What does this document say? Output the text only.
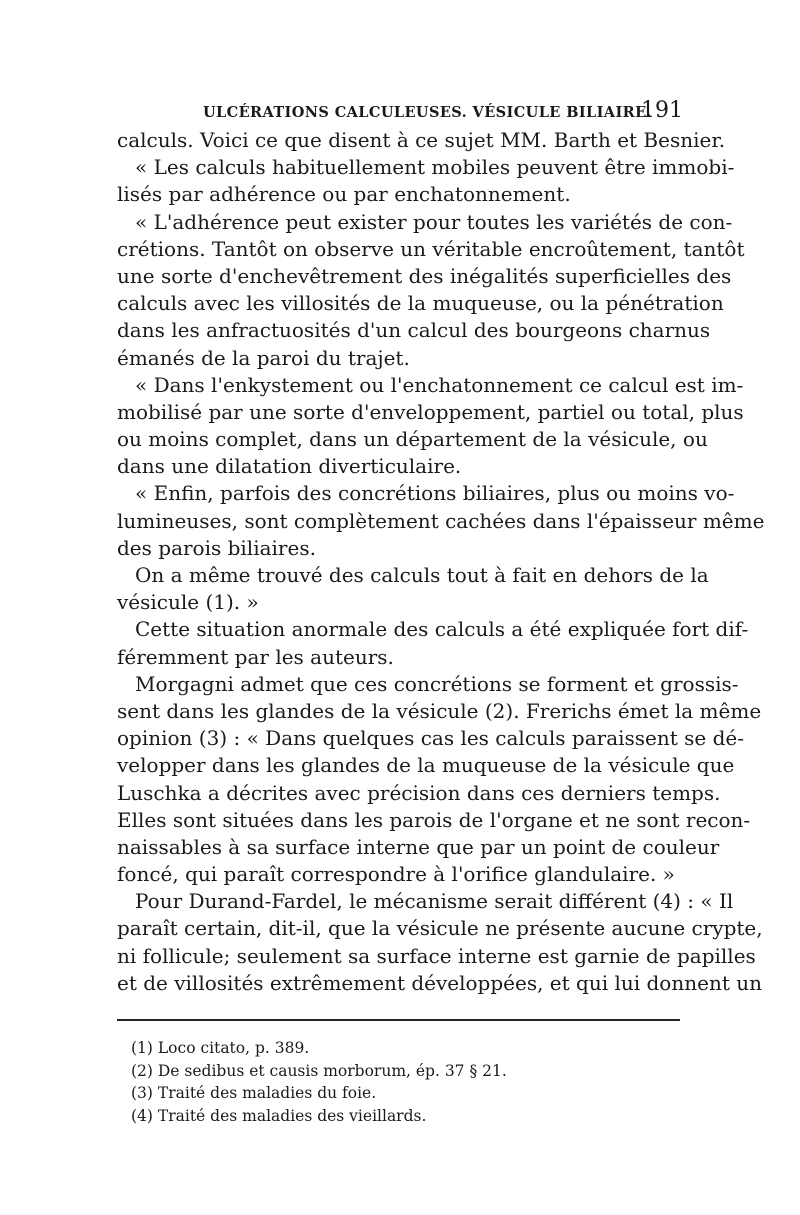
ULCÉRATIONS CALCULEUSES. VÉSICULE BILIAIRE.
191
calculs. Voici ce que disent à ce sujet MM. Barth et Besnier.
« Les calculs habituellement mobiles peuvent être immobi-
lisés par adhérence ou par enchatonnement.
« L'adhérence peut exister pour toutes les variétés de con-
crétions. Tantôt on observe un véritable encroûtement, tantôt
une sorte d'enchevêtrement des inégalités superficielles des
calculs avec les villosités de la muqueuse, ou la pénétration
dans les anfractuosités d'un calcul des bourgeons charnus
émanés de la paroi du trajet.
« Dans l'enkystement ou l'enchatonnement ce calcul est im-
mobilisé par une sorte d'enveloppement, partiel ou total, plus
ou moins complet, dans un département de la vésicule, ou
dans une dilatation diverticulaire.
« Enfin, parfois des concrétions biliaires, plus ou moins vo-
lumineuses, sont complètement cachées dans l'épaisseur même
des parois biliaires.
On a même trouvé des calculs tout à fait en dehors de la
vésicule (1). »
Cette situation anormale des calculs a été expliquée fort dif-
féremment par les auteurs.
Morgagni admet que ces concrétions se forment et grossis-
sent dans les glandes de la vésicule (2). Frerichs émet la même
opinion (3) : « Dans quelques cas les calculs paraissent se dé-
velopper dans les glandes de la muqueuse de la vésicule que
Luschka a décrites avec précision dans ces derniers temps.
Elles sont situées dans les parois de l'organe et ne sont recon-
naissables à sa surface interne que par un point de couleur
foncé, qui paraît correspondre à l'orifice glandulaire. »
Pour Durand-Fardel, le mécanisme serait différent (4) : « Il
paraît certain, dit-il, que la vésicule ne présente aucune crypte,
ni follicule; seulement sa surface interne est garnie de papilles
et de villosités extrêmement développées, et qui lui donnent un
(1) Loco citato, p. 389.
(2) De sedibus et causis morborum, ép. 37 § 21.
(3) Traité des maladies du foie.
(4) Traité des maladies des vieillards.
